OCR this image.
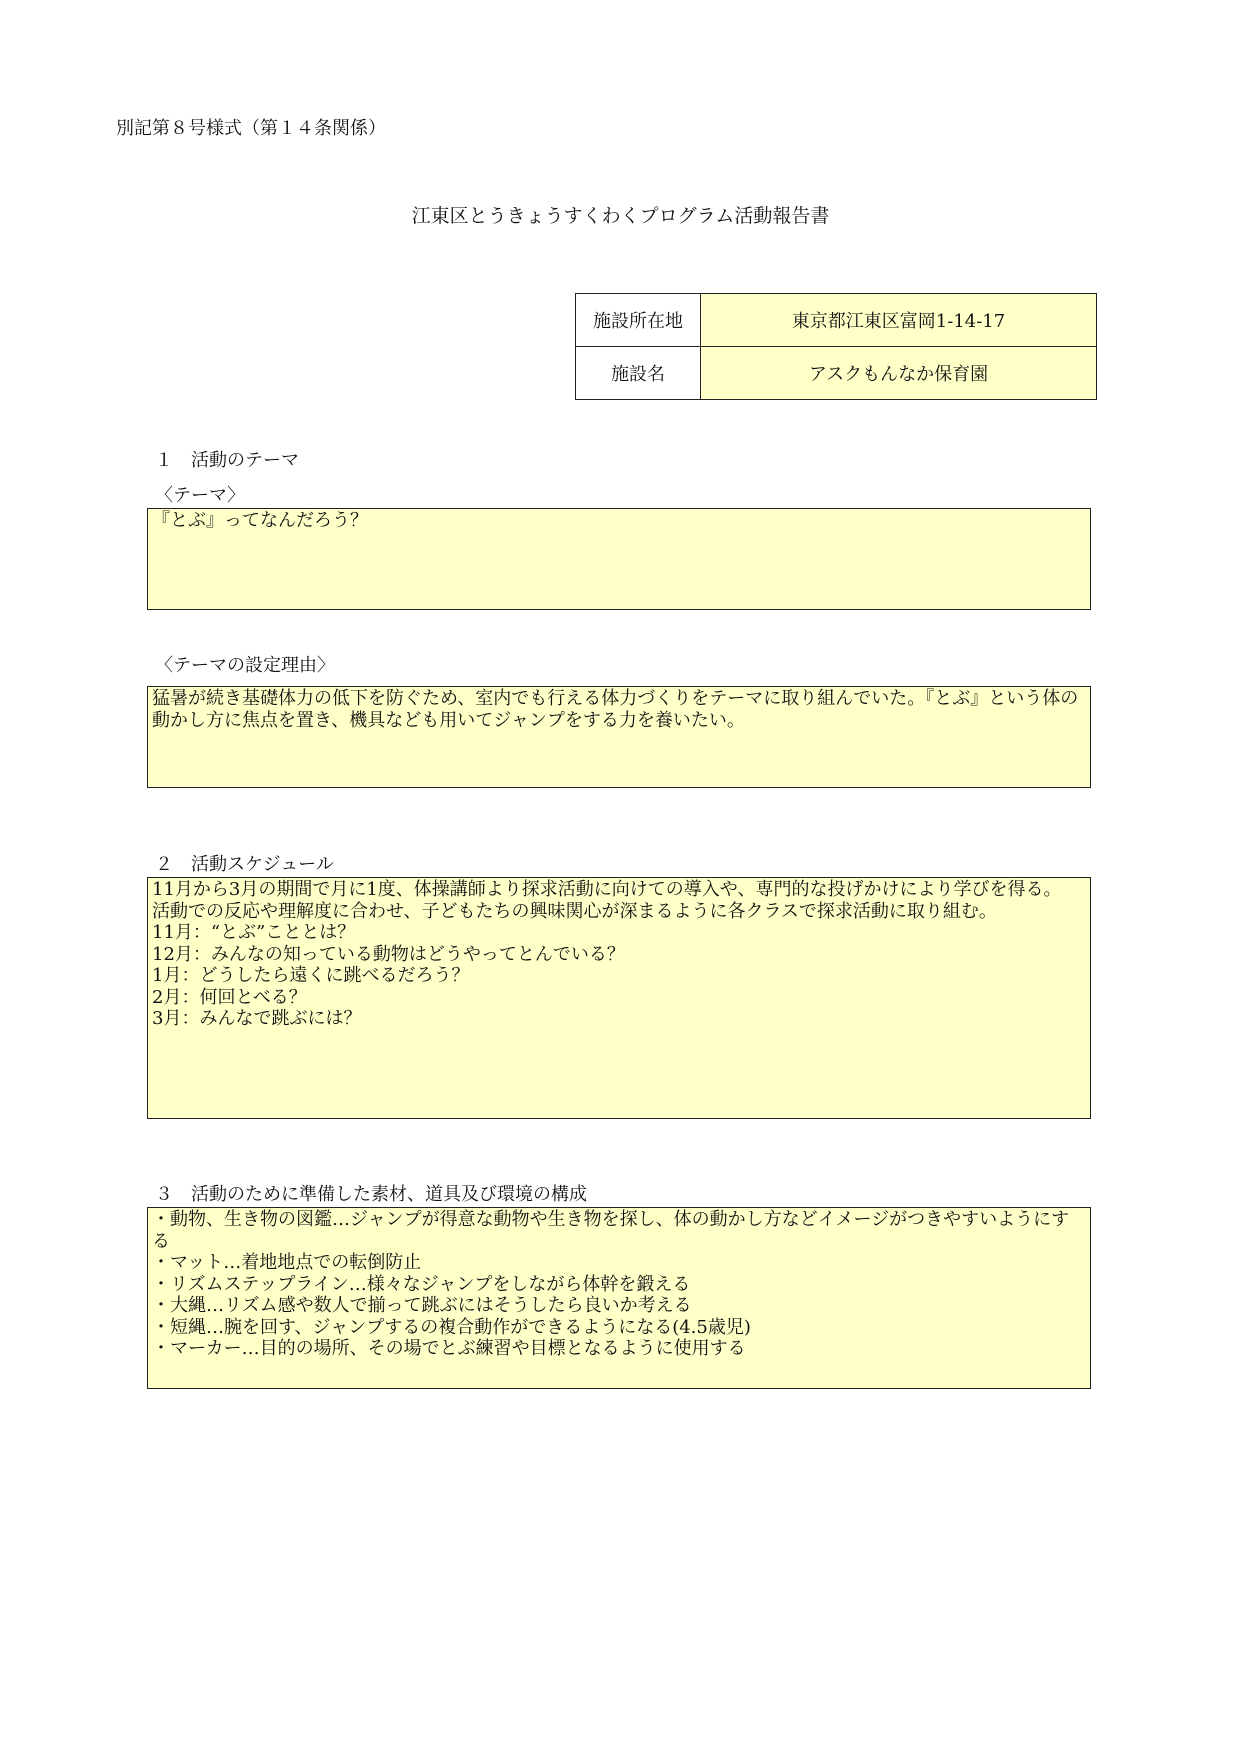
別記第８号様式（第１４条関係）
江東区とうきょうすくわくプログラム活動報告書
施設所在地	東京都江東区富岡1-14-17
施設名	アスクもんなか保育園
１　活動のテーマ
〈テーマ〉
『とぶ』ってなんだろう？
〈テーマの設定理由〉
猛暑が続き基礎体力の低下を防ぐため、室内でも行える体力づくりをテーマに取り組んでいた。『とぶ』という体の動かし方に焦点を置き、機具なども用いてジャンプをする力を養いたい。
２　活動スケジュール
11月から3月の期間で月に1度、体操講師より探求活動に向けての導入や、専門的な投げかけにより学びを得る。
活動での反応や理解度に合わせ、子どもたちの興味関心が深まるように各クラスで探求活動に取り組む。
11月：“とぶ”こととは？
12月：みんなの知っている動物はどうやってとんでいる？
1月：どうしたら遠くに跳べるだろう？
2月：何回とべる？
3月：みんなで跳ぶには？
３　活動のために準備した素材、道具及び環境の構成
・動物、生き物の図鑑…ジャンプが得意な動物や生き物を探し、体の動かし方などイメージがつきやすいようにする
・マット…着地地点での転倒防止
・リズムステップライン…様々なジャンプをしながら体幹を鍛える
・大縄…リズム感や数人で揃って跳ぶにはそうしたら良いか考える
・短縄…腕を回す、ジャンプするの複合動作ができるようになる(4.5歳児)
・マーカー…目的の場所、その場でとぶ練習や目標となるように使用する
